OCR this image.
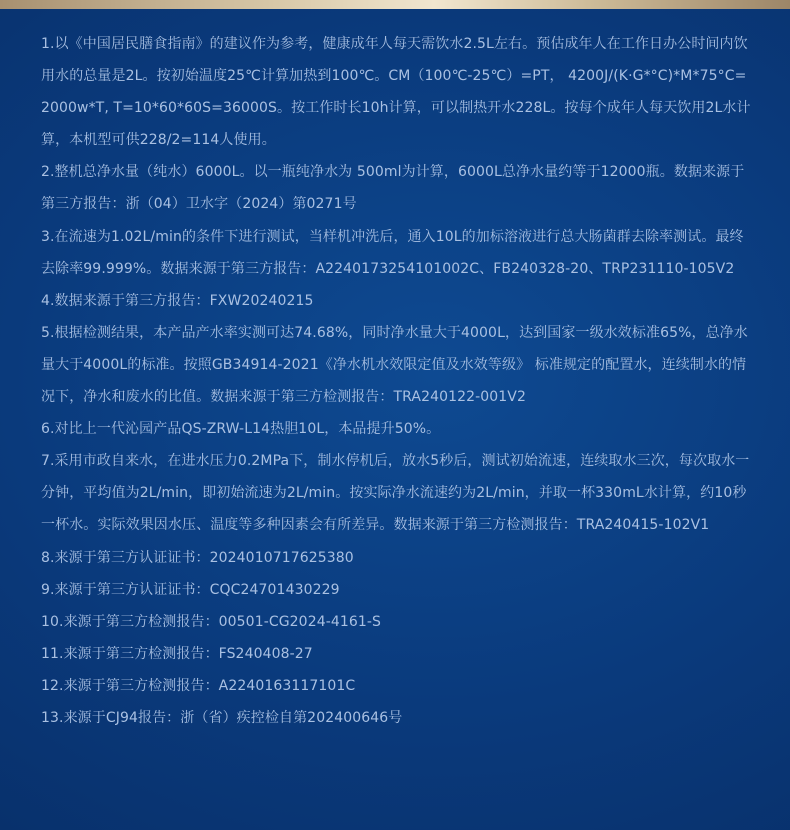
1.以《中国居民膳食指南》的建议作为参考，健康成年人每天需饮水2.5L左右。预估成年人在工作日办公时间内饮用水的总量是2L。按初始温度25℃计算加热到100℃。CM（100℃-25℃）=PT， 4200J/(K·G*°C)*M*75°C=2000w*T, T=10*60*60S=36000S。按工作时长10h计算，可以制热开水228L。按每个成年人每天饮用2L水计算，本机型可供228/2=114人使用。
2.整机总净水量（纯水）6000L。以一瓶纯净水为 500ml为计算，6000L总净水量约等于12000瓶。数据来源于第三方报告：浙（04）卫水字（2024）第0271号
3.在流速为1.02L/min的条件下进行测试，当样机冲洗后，通入10L的加标溶液进行总大肠菌群去除率测试。最终去除率99.999%。数据来源于第三方报告：A2240173254101002C、FB240328-20、TRP231110-105V2
4.数据来源于第三方报告：FXW20240215
5.根据检测结果，本产品产水率实测可达74.68%，同时净水量大于4000L，达到国家一级水效标准65%，总净水量大于4000L的标准。按照GB34914-2021《净水机水效限定值及水效等级》 标准规定的配置水，连续制水的情况下，净水和废水的比值。数据来源于第三方检测报告：TRA240122-001V2
6.对比上一代沁园产品QS-ZRW-L14热胆10L，本品提升50%。
7.采用市政自来水，在进水压力0.2MPa下，制水停机后，放水5秒后，测试初始流速，连续取水三次，每次取水一分钟，平均值为2L/min，即初始流速为2L/min。按实际净水流速约为2L/min，并取一杯330mL水计算，约10秒一杯水。实际效果因水压、温度等多种因素会有所差异。数据来源于第三方检测报告：TRA240415-102V1
8.来源于第三方认证证书：2024010717625380
9.来源于第三方认证证书：CQC24701430229
10.来源于第三方检测报告：00501-CG2024-4161-S
11.来源于第三方检测报告：FS240408-27
12.来源于第三方检测报告：A2240163117101C
13.来源于CJ94报告：浙（省）疾控检自第202400646号
